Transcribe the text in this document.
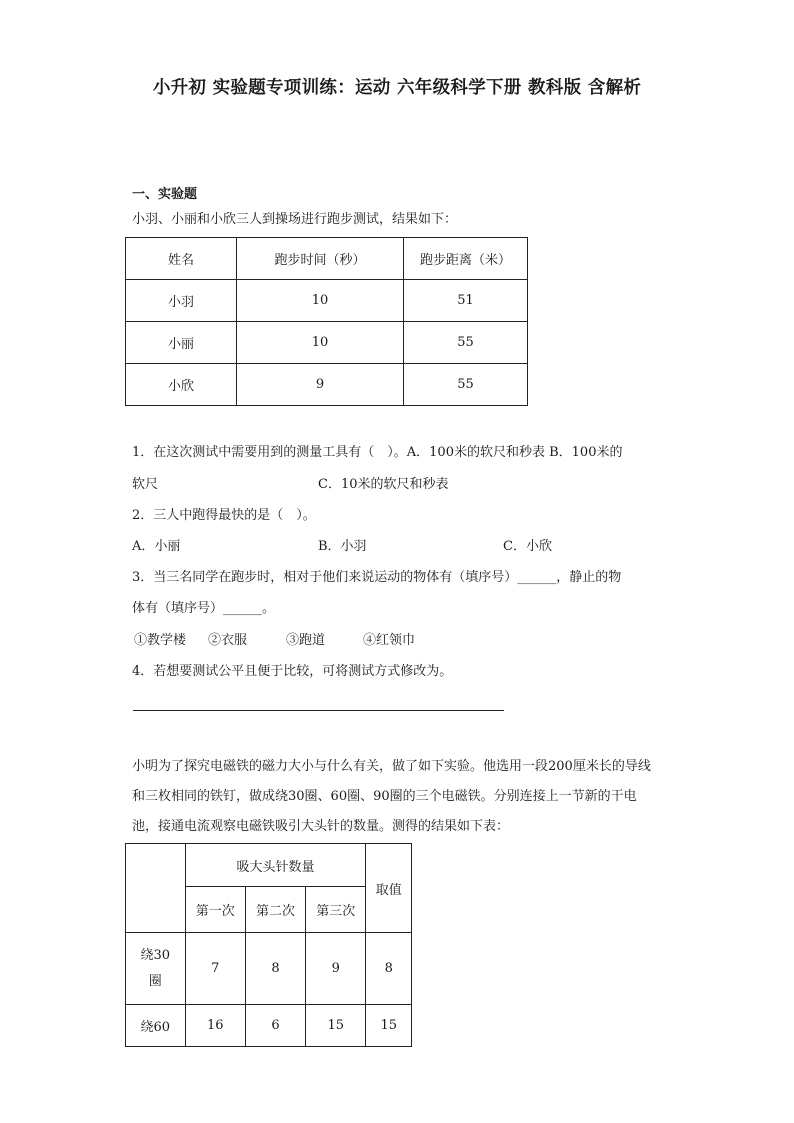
小升初 实验题专项训练：运动 六年级科学下册 教科版 含解析
一、实验题
小羽、小丽和小欣三人到操场进行跑步测试，结果如下：
姓名	跑步时间（秒）	跑步距离（米）
小羽	10	51
小丽	10	55
小欣	9	55
1．在这次测试中需要用到的测量工具有（　）。A．100米的软尺和秒表 B．100米的
软尺	C．10米的软尺和秒表
2．三人中跑得最快的是（　）。
A．小丽	B．小羽	C．小欣
3．当三名同学在跑步时，相对于他们来说运动的物体有（填序号）______，静止的物
体有（填序号）______。
①教学楼 ②衣服	③跑道	④红领巾
4．若想要测试公平且便于比较，可将测试方式修改为。
小明为了探究电磁铁的磁力大小与什么有关，做了如下实验。他选用一段200厘米长的导线和三枚相同的铁钉，做成绕30圈、60圈、90圈的三个电磁铁。分别连接上一节新的干电池，接通电流观察电磁铁吸引大头针的数量。测得的结果如下表：
	吸大头针数量			取值
	第一次	第二次	第三次	
绕30圈	7	8	9	8
绕60	16	6	15	15
